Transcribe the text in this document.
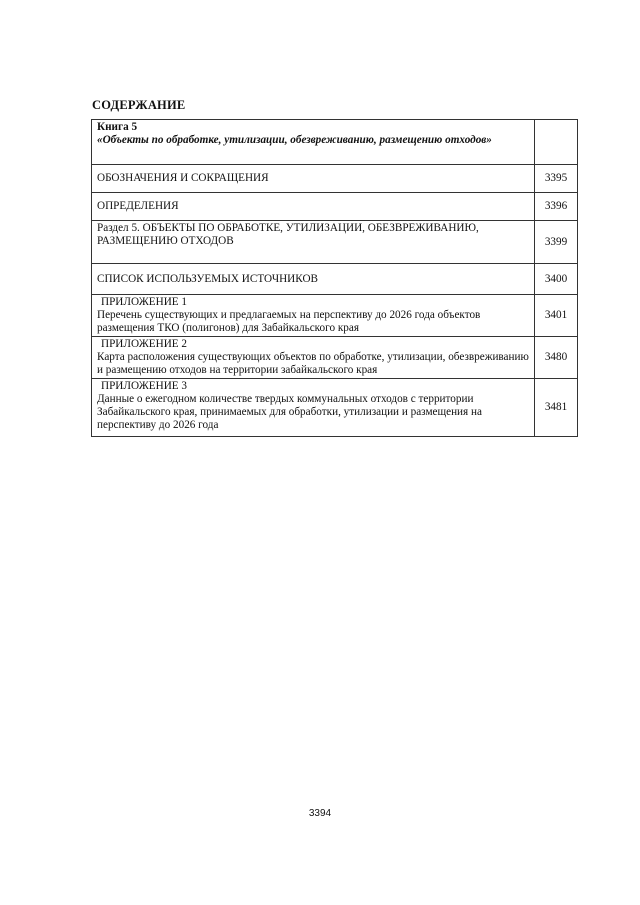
СОДЕРЖАНИЕ
Книга 5
«Объекты по обработке, утилизации, обезвреживанию, размещению отходов»	

ОБОЗНАЧЕНИЯ И СОКРАЩЕНИЯ	3395
ОПРЕДЕЛЕНИЯ	3396
Раздел 5. ОБЪЕКТЫ ПО ОБРАБОТКЕ, УТИЛИЗАЦИИ, ОБЕЗВРЕЖИВАНИЮ, РАЗМЕЩЕНИЮ ОТХОДОВ	3399
СПИСОК ИСПОЛЬЗУЕМЫХ ИСТОЧНИКОВ	3400

ПРИЛОЖЕНИЕ 1
Перечень существующих и предлагаемых на перспективу до 2026 года объектов размещения ТКО (полигонов) для Забайкальского края	3401

ПРИЛОЖЕНИЕ 2
Карта расположения существующих объектов по обработке, утилизации, обезвреживанию и размещению отходов на территории забайкальского края	3480

ПРИЛОЖЕНИЕ 3
Данные о ежегодном количестве твердых коммунальных отходов с территории Забайкальского края, принимаемых для обработки, утилизации и размещения на перспективу до 2026 года	3481
3394
